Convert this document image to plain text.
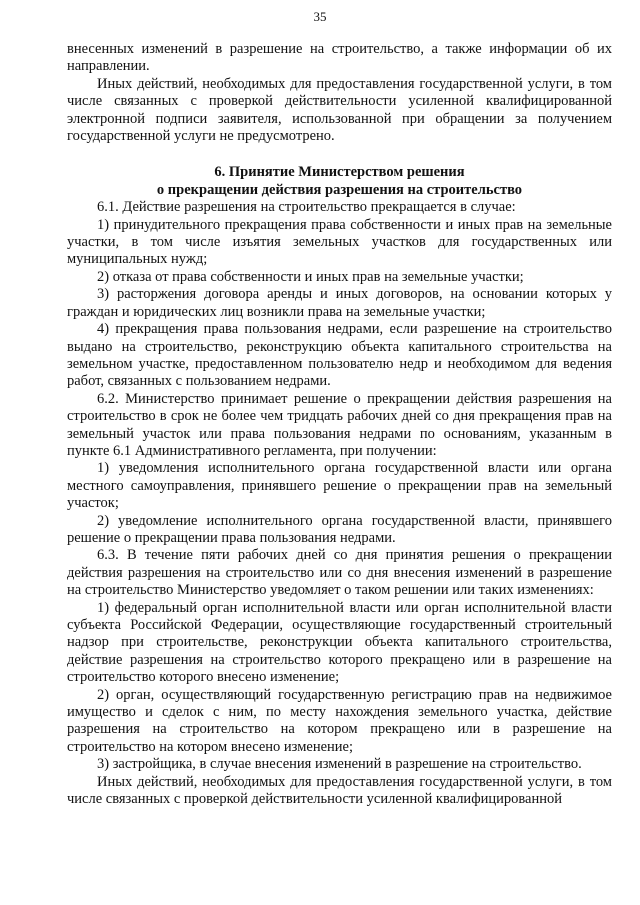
35

внесенных изменений в разрешение на строительство, а также информации об их направлении.

Иных действий, необходимых для предоставления государственной услуги, в том числе связанных с проверкой действительности усиленной квалифицированной электронной подписи заявителя, использованной при обращении за получением государственной услуги не предусмотрено.

6. Принятие Министерством решения
о прекращении действия разрешения на строительство

6.1. Действие разрешения на строительство прекращается в случае:

1) принудительного прекращения права собственности и иных прав на земельные участки, в том числе изъятия земельных участков для государственных или муниципальных нужд;

2) отказа от права собственности и иных прав на земельные участки;

3) расторжения договора аренды и иных договоров, на основании которых у граждан и юридических лиц возникли права на земельные участки;

4) прекращения права пользования недрами, если разрешение на строительство выдано на строительство, реконструкцию объекта капитального строительства на земельном участке, предоставленном пользователю недр и необходимом для ведения работ, связанных с пользованием недрами.

6.2. Министерство принимает решение о прекращении действия разрешения на строительство в срок не более чем тридцать рабочих дней со дня прекращения прав на земельный участок или права пользования недрами по основаниям, указанным в пункте 6.1 Административного регламента, при получении:

1) уведомления исполнительного органа государственной власти или органа местного самоуправления, принявшего решение о прекращении прав на земельный участок;

2) уведомление исполнительного органа государственной власти, принявшего решение о прекращении права пользования недрами.

6.3. В течение пяти рабочих дней со дня принятия решения о прекращении действия разрешения на строительство или со дня внесения изменений в разрешение на строительство Министерство уведомляет о таком решении или таких изменениях:

1) федеральный орган исполнительной власти или орган исполнительной власти субъекта Российской Федерации, осуществляющие государственный строительный надзор при строительстве, реконструкции объекта капитального строительства, действие разрешения на строительство которого прекращено или в разрешение на строительство которого внесено изменение;

2) орган, осуществляющий государственную регистрацию прав на недвижимое имущество и сделок с ним, по месту нахождения земельного участка, действие разрешения на строительство на котором прекращено или в разрешение на строительство на котором внесено изменение;

3) застройщика, в случае внесения изменений в разрешение на строительство.

Иных действий, необходимых для предоставления государственной услуги, в том числе связанных с проверкой действительности усиленной квалифицированной
